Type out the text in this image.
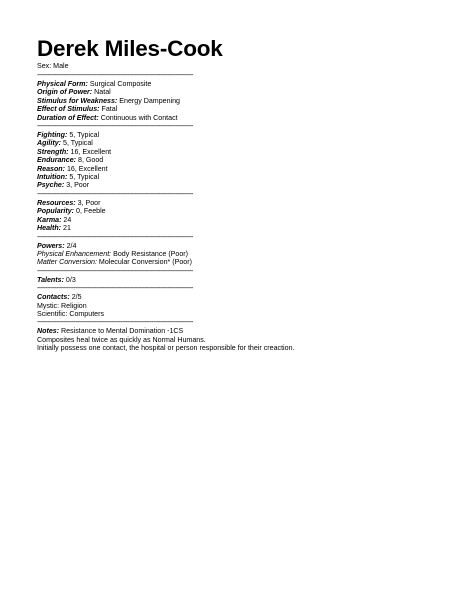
Derek Miles-Cook
Sex: Male
------------------------------------------------------------------------------------------
Physical Form: Surgical Composite
Origin of Power: Natal
Stimulus for Weakness: Energy Dampening
Effect of Stimulus: Fatal
Duration of Effect: Continuous with Contact
------------------------------------------------------------------------------------------
Fighting: 5, Typical
Agility: 5, Typical
Strength: 16, Excellent
Endurance: 8, Good
Reason: 16, Excellent
Intuition: 5, Typical
Psyche: 3, Poor
------------------------------------------------------------------------------------------
Resources: 3, Poor
Popularity: 0, Feeble
Karma: 24
Health: 21
------------------------------------------------------------------------------------------
Powers: 2/4
Physical Enhancement: Body Resistance (Poor)
Matter Conversion: Molecular Conversion* (Poor)
------------------------------------------------------------------------------------------
Talents: 0/3
------------------------------------------------------------------------------------------
Contacts: 2/5
Mystic: Religion
Scientific: Computers
------------------------------------------------------------------------------------------
Notes: Resistance to Mental Domination -1CS
Composites heal twice as quickly as Normal Humans.
Initially possess one contact, the hospital or person responsible for their creaction.
